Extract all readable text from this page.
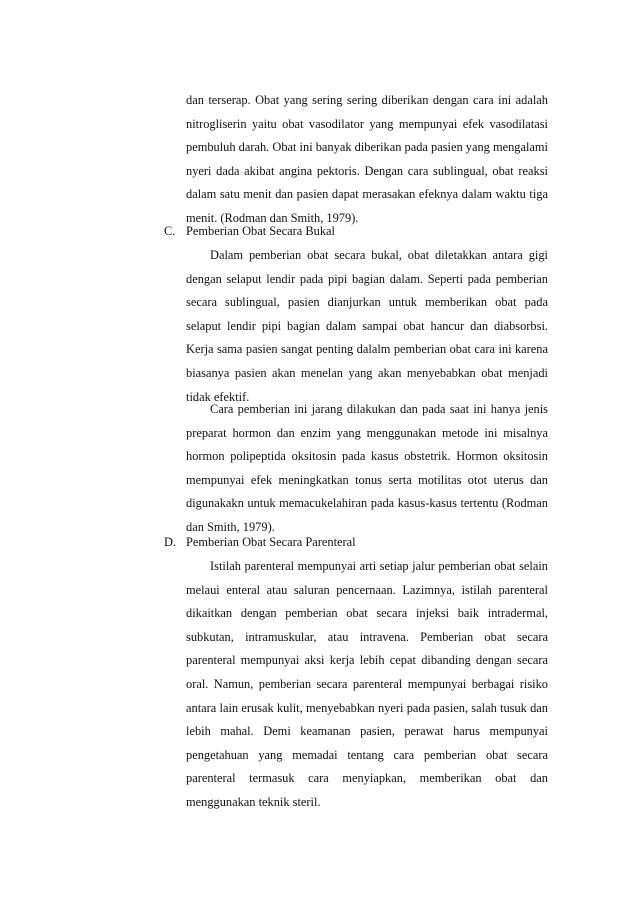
dan terserap. Obat yang sering sering diberikan dengan cara ini adalah nitrogliserin yaitu obat vasodilator yang mempunyai efek vasodilatasi pembuluh darah. Obat ini banyak diberikan pada pasien yang mengalami nyeri dada akibat angina pektoris. Dengan cara sublingual, obat reaksi dalam satu menit dan pasien dapat merasakan efeknya dalam waktu tiga menit. (Rodman dan Smith, 1979).

C. Pemberian Obat Secara Bukal

Dalam pemberian obat secara bukal, obat diletakkan antara gigi dengan selaput lendir pada pipi bagian dalam. Seperti pada pemberian secara sublingual, pasien dianjurkan untuk memberikan obat pada selaput lendir pipi bagian dalam sampai obat hancur dan diabsorbsi. Kerja sama pasien sangat penting dalalm pemberian obat cara ini karena biasanya pasien akan menelan yang akan menyebabkan obat menjadi tidak efektif.

Cara pemberian ini jarang dilakukan dan pada saat ini hanya jenis preparat hormon dan enzim yang menggunakan metode ini misalnya hormon polipeptida oksitosin pada kasus obstetrik. Hormon oksitosin mempunyai efek meningkatkan tonus serta motilitas otot uterus dan digunakakn untuk memacukelahiran pada kasus-kasus tertentu (Rodman dan Smith, 1979).

D. Pemberian Obat Secara Parenteral

Istilah parenteral mempunyai arti setiap jalur pemberian obat selain melaui enteral atau saluran pencernaan. Lazimnya, istilah parenteral dikaitkan dengan pemberian obat secara injeksi baik intradermal, subkutan, intramuskular, atau intravena. Pemberian obat secara parenteral mempunyai aksi kerja lebih cepat dibanding dengan secara oral. Namun, pemberian secara parenteral mempunyai berbagai risiko antara lain erusak kulit, menyebabkan nyeri pada pasien, salah tusuk dan lebih mahal. Demi keamanan pasien, perawat harus mempunyai pengetahuan yang memadai tentang cara pemberian obat secara parenteral termasuk cara menyiapkan, memberikan obat dan menggunakan teknik steril.
